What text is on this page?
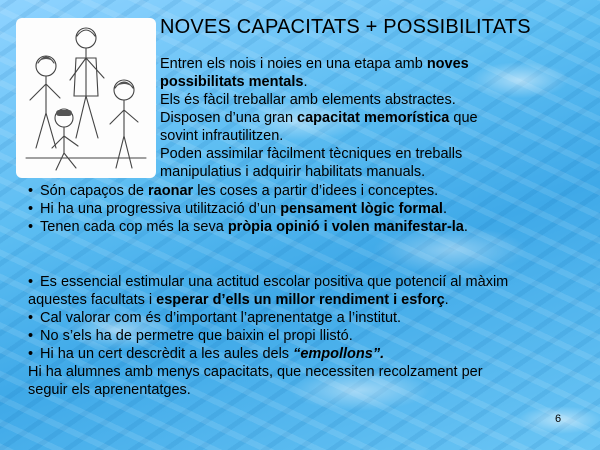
NOVES CAPACITATS + POSSIBILITATS
Entren els nois i noies en una etapa amb noves
possibilitats mentals.
Els és fàcil treballar amb elements abstractes.
Disposen d’una gran capacitat memorística que
sovint infrautilitzen.
Poden assimilar fàcilment tècniques en treballs
manipulatius i adquirir habilitats manuals.
• Són capaços de raonar les coses a partir d’idees i conceptes.
• Hi ha una progressiva utilització d’un pensament lògic formal.
• Tenen cada cop més la seva pròpia opinió i volen manifestar-la.
• Es essencial estimular una actitud escolar positiva que potencií al màxim
aquestes facultats i esperar d’ells un millor rendiment i esforç.
• Cal valorar com és d’important l’aprenentatge a l’institut.
• No s’els ha de permetre que baixin el propi llistó.
• Hi ha un cert descrèdit a les aules dels “empollons”.
Hi ha alumnes amb menys capacitats, que necessiten recolzament per
seguir els aprenentatges.
6
